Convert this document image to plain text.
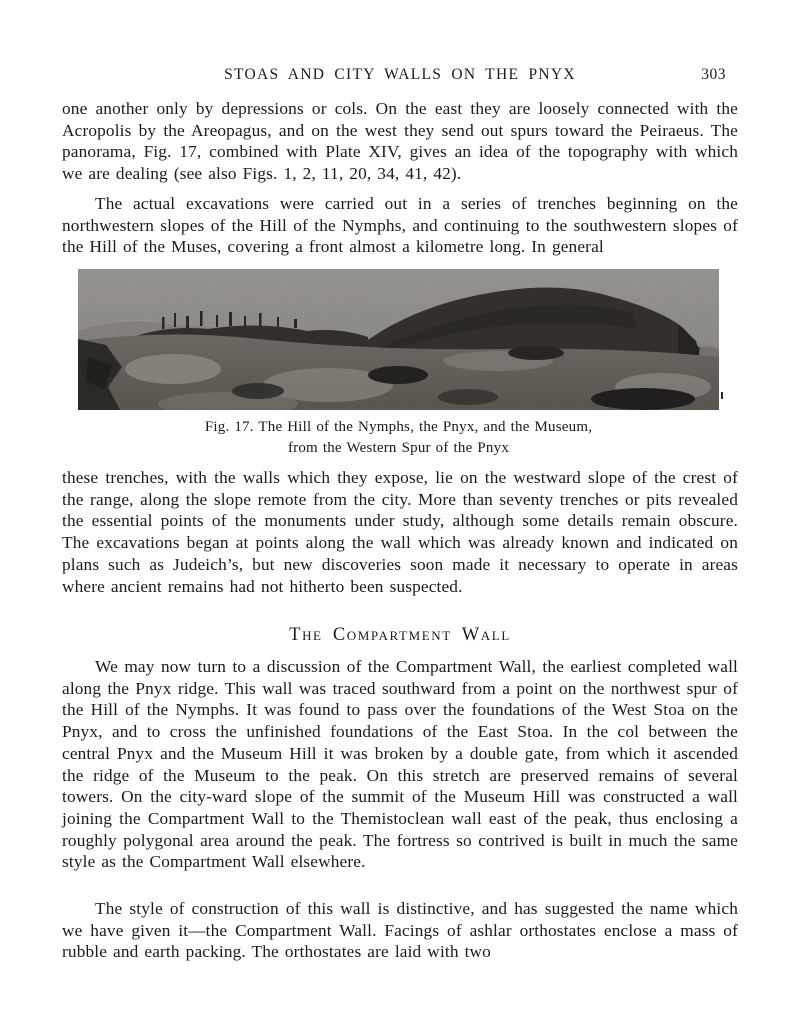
STOAS AND CITY WALLS ON THE PNYX	303

one another only by depressions or cols. On the east they are loosely connected with the Acropolis by the Areopagus, and on the west they send out spurs toward the Peiraeus. The panorama, Fig. 17, combined with Plate XIV, gives an idea of the topography with which we are dealing (see also Figs. 1, 2, 11, 20, 34, 41, 42).

The actual excavations were carried out in a series of trenches beginning on the northwestern slopes of the Hill of the Nymphs, and continuing to the southwestern slopes of the Hill of the Muses, covering a front almost a kilometre long. In general

Fig. 17. The Hill of the Nymphs, the Pnyx, and the Museum,
from the Western Spur of the Pnyx

these trenches, with the walls which they expose, lie on the westward slope of the crest of the range, along the slope remote from the city. More than seventy trenches or pits revealed the essential points of the monuments under study, although some details remain obscure. The excavations began at points along the wall which was already known and indicated on plans such as Judeich’s, but new discoveries soon made it necessary to operate in areas where ancient remains had not hitherto been suspected.

The Compartment Wall

We may now turn to a discussion of the Compartment Wall, the earliest completed wall along the Pnyx ridge. This wall was traced southward from a point on the northwest spur of the Hill of the Nymphs. It was found to pass over the foundations of the West Stoa on the Pnyx, and to cross the unfinished foundations of the East Stoa. In the col between the central Pnyx and the Museum Hill it was broken by a double gate, from which it ascended the ridge of the Museum to the peak. On this stretch are preserved remains of several towers. On the city-ward slope of the summit of the Museum Hill was constructed a wall joining the Compartment Wall to the Themistoclean wall east of the peak, thus enclosing a roughly polygonal area around the peak. The fortress so contrived is built in much the same style as the Compartment Wall elsewhere.

The style of construction of this wall is distinctive, and has suggested the name which we have given it—the Compartment Wall. Facings of ashlar orthostates enclose a mass of rubble and earth packing. The orthostates are laid with two
